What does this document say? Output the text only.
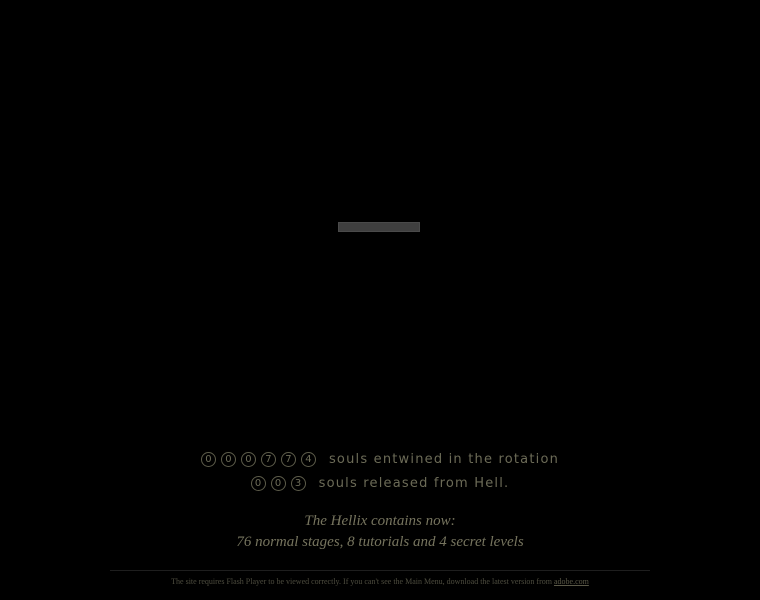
0	0	0	7	7	4	souls entwined in the rotation
0	0	3	souls released from Hell.
The Hellix contains now:
76 normal stages, 8 tutorials and 4 secret levels
The site requires Flash Player to be viewed correctly. If you can't see the Main Menu, download the latest version from adobe.com
